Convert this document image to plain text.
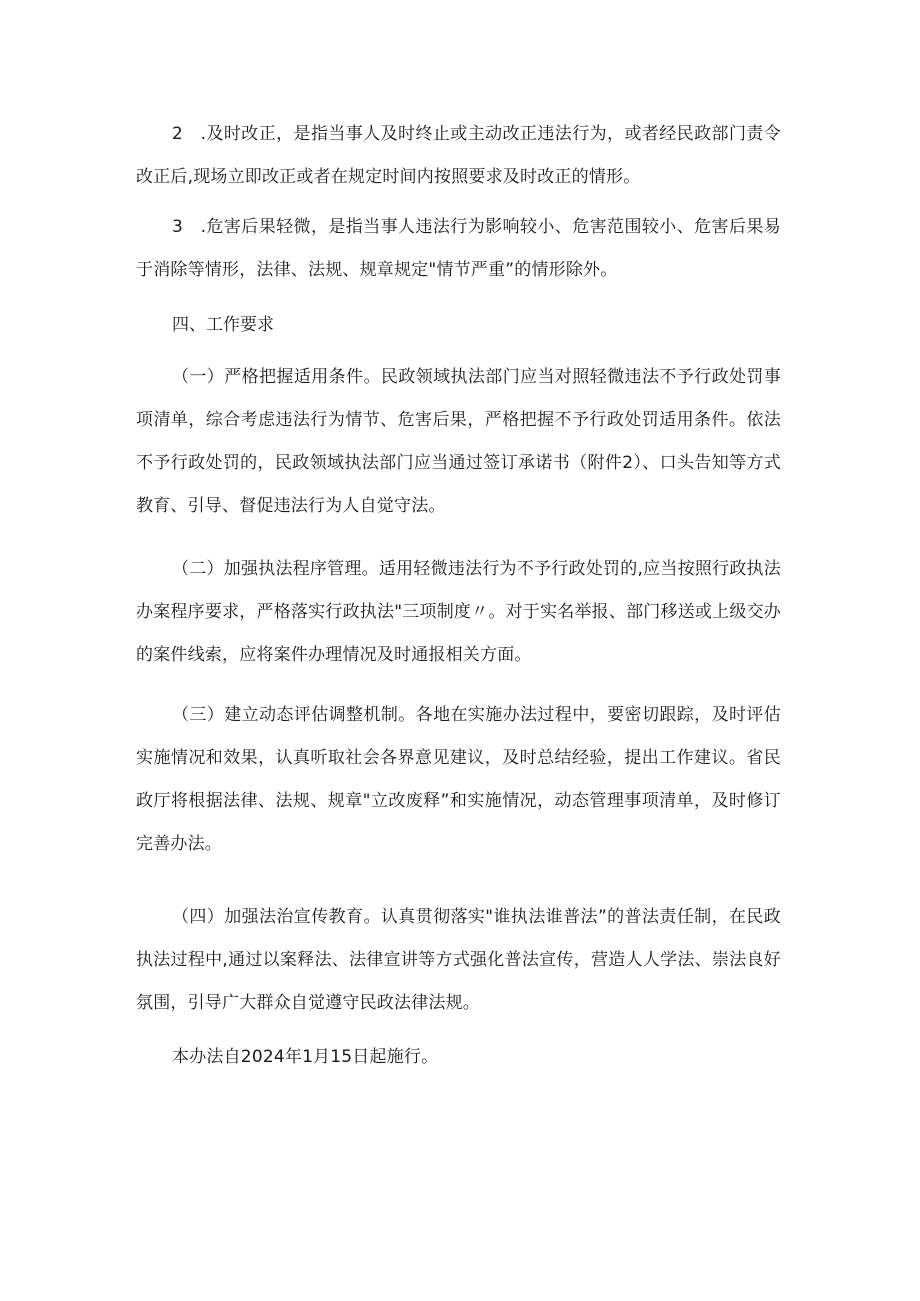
2　.及时改正，是指当事人及时终止或主动改正违法行为，或者经民政部门责令改正后,现场立即改正或者在规定时间内按照要求及时改正的情形。

3　.危害后果轻微，是指当事人违法行为影响较小、危害范围较小、危害后果易于消除等情形，法律、法规、规章规定"情节严重”的情形除外。

四、工作要求

（一）严格把握适用条件。民政领域执法部门应当对照轻微违法不予行政处罚事项清单，综合考虑违法行为情节、危害后果，严格把握不予行政处罚适用条件。依法不予行政处罚的，民政领域执法部门应当通过签订承诺书（附件2）、口头告知等方式教育、引导、督促违法行为人自觉守法。

（二）加强执法程序管理。适用轻微违法行为不予行政处罚的,应当按照行政执法办案程序要求，严格落实行政执法"三项制度〃。对于实名举报、部门移送或上级交办的案件线索，应将案件办理情况及时通报相关方面。

（三）建立动态评估调整机制。各地在实施办法过程中，要密切跟踪，及时评估实施情况和效果，认真听取社会各界意见建议，及时总结经验，提出工作建议。省民政厅将根据法律、法规、规章"立改废释”和实施情况，动态管理事项清单，及时修订完善办法。

（四）加强法治宣传教育。认真贯彻落实"谁执法谁普法”的普法责任制，在民政执法过程中,通过以案释法、法律宣讲等方式强化普法宣传，营造人人学法、崇法良好氛围，引导广大群众自觉遵守民政法律法规。

本办法自2024年1月15日起施行。
